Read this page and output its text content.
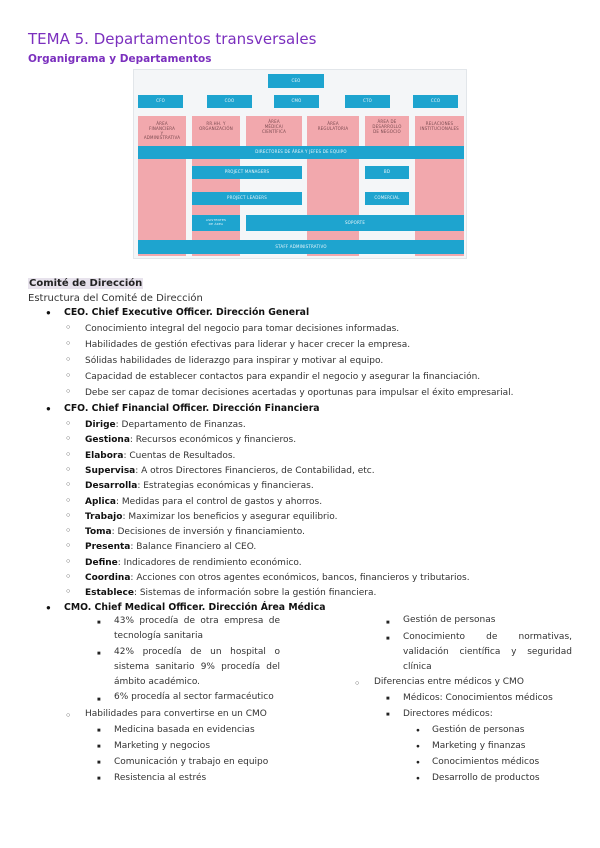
TEMA 5. Departamentos transversales
Organigrama y Departamentos
CEO
CFO	COO	CMO	CTO	CCO
ÁREA
FINANCIERA
Y
ADMINISTRATIVA
RR.HH. Y
ORGANIZACIÓN
ÁREA
MÉDICA/
CIENTÍFICA
ÁREA
REGULATORIA
ÁREA DE
DESARROLLO
DE NEGOCIO
RELACIONES
INSTITUCIONALES
DIRECTORES DE ÁREA Y JEFES DE EQUIPO
PROJECT MANAGERS	BD
PROJECT LEADERS	COMERCIAL
ASISTENTES
DE ÁREA	SOPORTE
STAFF ADMINISTRATIVO
Comité de Dirección
Estructura del Comité de Dirección
● CEO. Chief Executive Officer. Dirección General
○ Conocimiento integral del negocio para tomar decisiones informadas.
○ Habilidades de gestión efectivas para liderar y hacer crecer la empresa.
○ Sólidas habilidades de liderazgo para inspirar y motivar al equipo.
○ Capacidad de establecer contactos para expandir el negocio y asegurar la financiación.
○ Debe ser capaz de tomar decisiones acertadas y oportunas para impulsar el éxito empresarial.
● CFO. Chief Financial Officer. Dirección Financiera
○ Dirige: Departamento de Finanzas.
○ Gestiona: Recursos económicos y financieros.
○ Elabora: Cuentas de Resultados.
○ Supervisa: A otros Directores Financieros, de Contabilidad, etc.
○ Desarrolla: Estrategias económicas y financieras.
○ Aplica: Medidas para el control de gastos y ahorros.
○ Trabajo: Maximizar los beneficios y asegurar equilibrio.
○ Toma: Decisiones de inversión y financiamiento.
○ Presenta: Balance Financiero al CEO.
○ Define: Indicadores de rendimiento económico.
○ Coordina: Acciones con otros agentes económicos, bancos, financieros y tributarios.
○ Establece: Sistemas de información sobre la gestión financiera.
● CMO. Chief Medical Officer. Dirección Área Médica
■ 43% procedía de otra empresa de tecnología sanitaria
■ 42% procedía de un hospital o sistema sanitario 9% procedía del ámbito académico.
■ 6% procedía al sector farmacéutico
○ Habilidades para convertirse en un CMO
■ Medicina basada en evidencias
■ Marketing y negocios
■ Comunicación y trabajo en equipo
■ Resistencia al estrés
■ Gestión de personas
■ Conocimiento de normativas, validación científica y seguridad clínica
○ Diferencias entre médicos y CMO
■ Médicos: Conocimientos médicos
■ Directores médicos:
● Gestión de personas
● Marketing y finanzas
● Conocimientos médicos
● Desarrollo de productos
